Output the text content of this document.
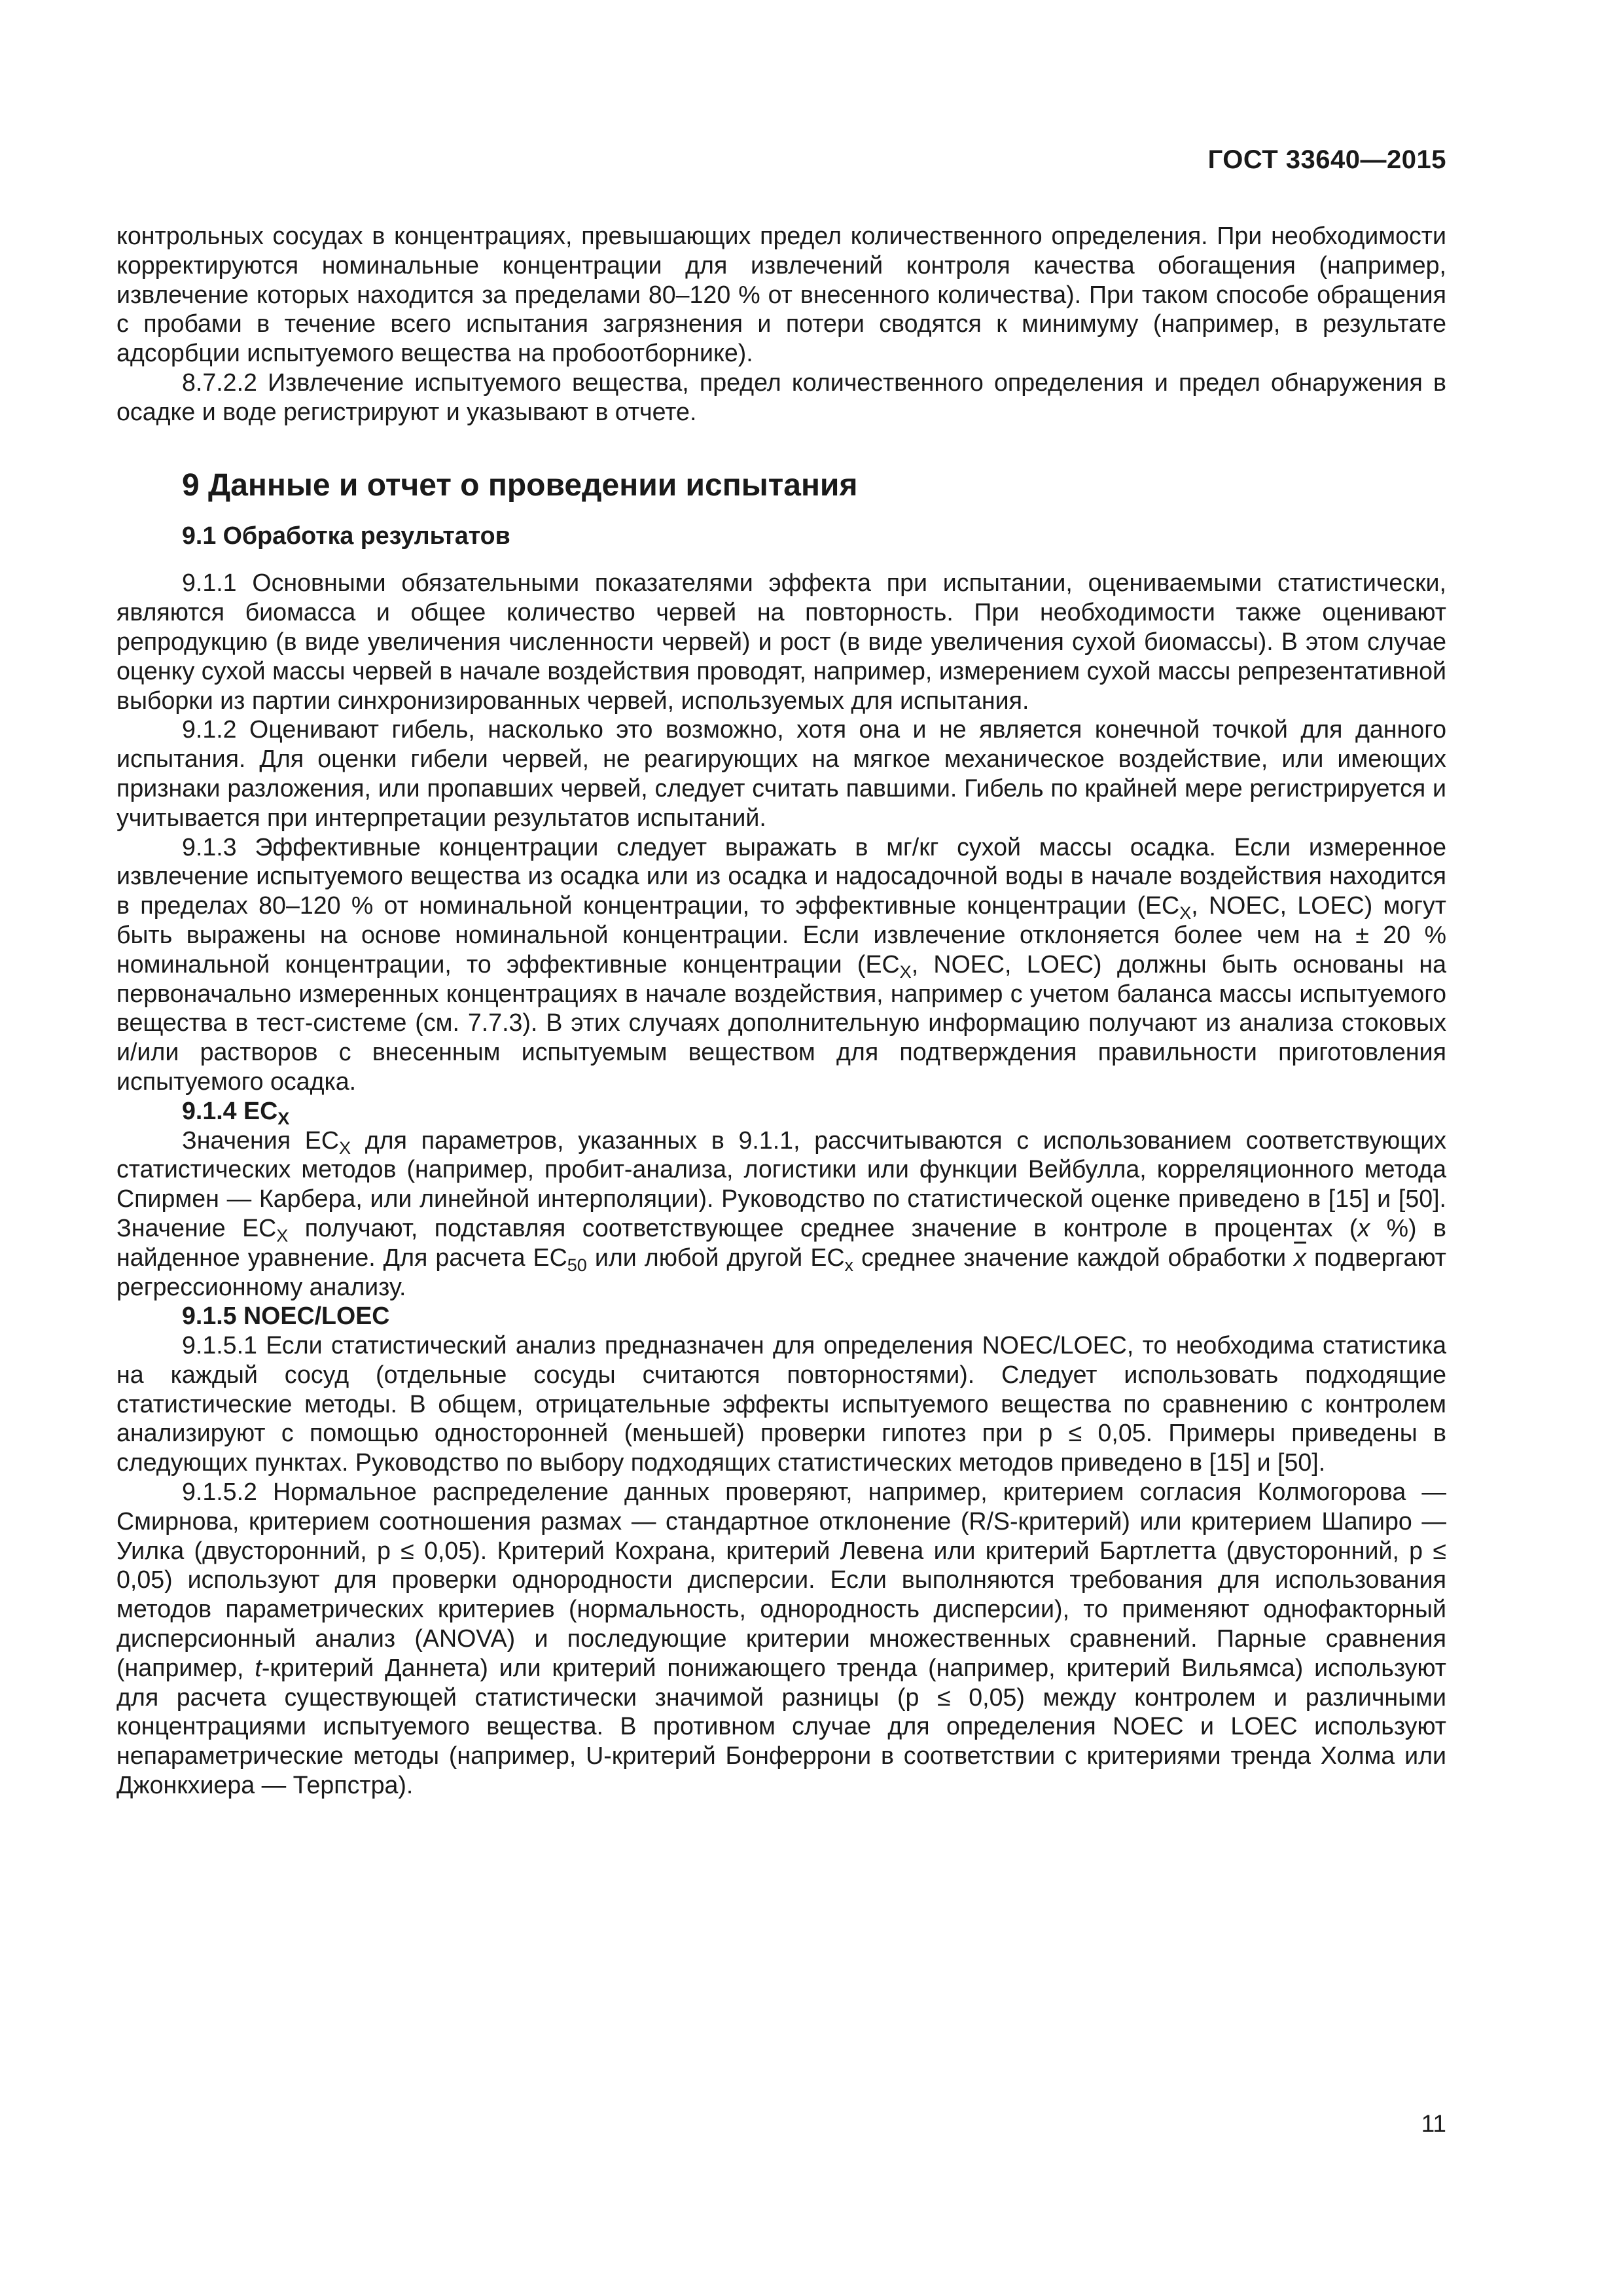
ГОСТ 33640—2015

контрольных сосудах в концентрациях, превышающих предел количественного определения. При необходимости корректируются номинальные концентрации для извлечений контроля качества обогащения (например, извлечение которых находится за пределами 80–120 % от внесенного количества). При таком способе обращения с пробами в течение всего испытания загрязнения и потери сводятся к минимуму (например, в результате адсорбции испытуемого вещества на пробоотборнике).

8.7.2.2 Извлечение испытуемого вещества, предел количественного определения и предел обнаружения в осадке и воде регистрируют и указывают в отчете.

9 Данные и отчет о проведении испытания

9.1 Обработка результатов

9.1.1 Основными обязательными показателями эффекта при испытании, оцениваемыми статистически, являются биомасса и общее количество червей на повторность. При необходимости также оценивают репродукцию (в виде увеличения численности червей) и рост (в виде увеличения сухой биомассы). В этом случае оценку сухой массы червей в начале воздействия проводят, например, измерением сухой массы репрезентативной выборки из партии синхронизированных червей, используемых для испытания.

9.1.2 Оценивают гибель, насколько это возможно, хотя она и не является конечной точкой для данного испытания. Для оценки гибели червей, не реагирующих на мягкое механическое воздействие, или имеющих признаки разложения, или пропавших червей, следует считать павшими. Гибель по крайней мере регистрируется и учитывается при интерпретации результатов испытаний.

9.1.3 Эффективные концентрации следует выражать в мг/кг сухой массы осадка. Если измеренное извлечение испытуемого вещества из осадка или из осадка и надосадочной воды в начале воздействия находится в пределах 80–120 % от номинальной концентрации, то эффективные концентрации ($EC_X$, NOEC, LOEC) могут быть выражены на основе номинальной концентрации. Если извлечение отклоняется более чем на ± 20 % номинальной концентрации, то эффективные концентрации ($EC_X$, NOEC, LOEC) должны быть основаны на первоначально измеренных концентрациях в начале воздействия, например с учетом баланса массы испытуемого вещества в тест-системе (см. 7.7.3). В этих случаях дополнительную информацию получают из анализа стоковых и/или растворов с внесенным испытуемым веществом для подтверждения правильности приготовления испытуемого осадка.

9.1.4 $EC_X$

Значения $EC_X$ для параметров, указанных в 9.1.1, рассчитываются с использованием соответствующих статистических методов (например, пробит-анализа, логистики или функции Вейбулла, корреляционного метода Спирмен — Карбера, или линейной интерполяции). Руководство по статистической оценке приведено в [15] и [50]. Значение $EC_X$ получают, подставляя соответствующее среднее значение в контроле в процентах (x %) в найденное уравнение. Для расчета $EC_{50}$ или любой другой $EC_x$ среднее значение каждой обработки $\overline{x}$ подвергают регрессионному анализу.

9.1.5 NOEC/LOEC

9.1.5.1 Если статистический анализ предназначен для определения NOEC/LOEC, то необходима статистика на каждый сосуд (отдельные сосуды считаются повторностями). Следует использовать подходящие статистические методы. В общем, отрицательные эффекты испытуемого вещества по сравнению с контролем анализируют с помощью односторонней (меньшей) проверки гипотез при p ≤ 0,05. Примеры приведены в следующих пунктах. Руководство по выбору подходящих статистических методов приведено в [15] и [50].

9.1.5.2 Нормальное распределение данных проверяют, например, критерием согласия Колмогорова — Смирнова, критерием соотношения размах — стандартное отклонение (R/S-критерий) или критерием Шапиро — Уилка (двусторонний, p ≤ 0,05). Критерий Кохрана, критерий Левена или критерий Бартлетта (двусторонний, p ≤ 0,05) используют для проверки однородности дисперсии. Если выполняются требования для использования методов параметрических критериев (нормальность, однородность дисперсии), то применяют однофакторный дисперсионный анализ (ANOVA) и последующие критерии множественных сравнений. Парные сравнения (например, t-критерий Даннета) или критерий понижающего тренда (например, критерий Вильямса) используют для расчета существующей статистически значимой разницы (p ≤ 0,05) между контролем и различными концентрациями испытуемого вещества. В противном случае для определения NOEC и LOEC используют непараметрические методы (например, U-критерий Бонферрони в соответствии с критериями тренда Холма или Джонкхиера — Терпстра).

11
